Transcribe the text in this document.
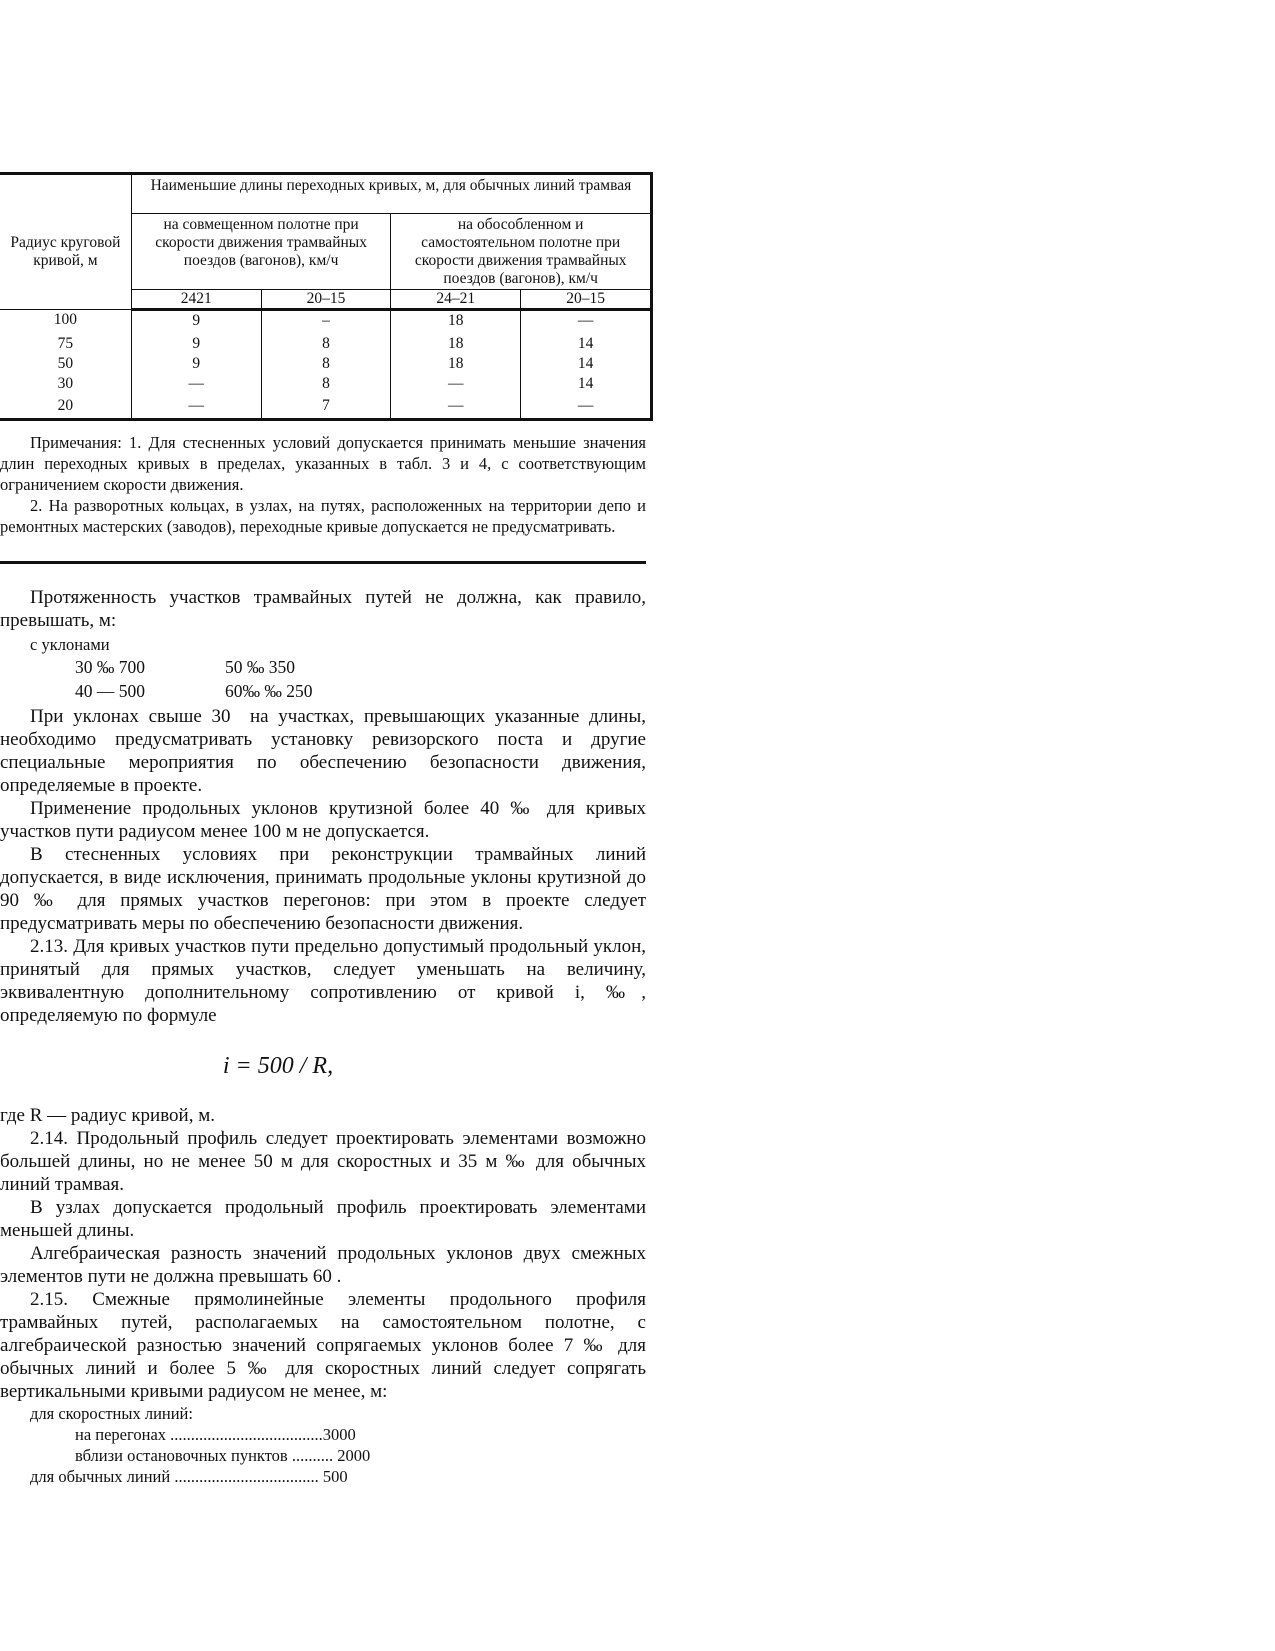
Радиус круговой кривой, м	Наименьшие длины переходных кривых, м, для обычных линий трамвая			
	на совмещенном полотне при скорости движения трамвайных поездов (вагонов), км/ч		на обособленном и самостоятельном полотне при скорости движения трамвайных поездов (вагонов), км/ч	
	24​21	20–15	24–21	20–15
100	9	–	18	—
75	9	8	18	14
50	9	8	18	14
30	—	8	—	14
20	—	7	—	—

Примечания: 1. Для стесненных условий допускается принимать меньшие значения длин переходных кривых в пределах, указанных в табл. 3 и 4, с соответствующим ограничением скорости движения.

2. На разворотных кольцах, в узлах, на путях, расположенных на территории депо и ремонтных мастерских (заводов), переходные кривые допускается не предусматривать.

Протяженность участков трамвайных путей не должна, как правило, превышать, м:

с уклонами
30​ ‰ 700	50​ ‰ 350
40​ — 500	60‰ ‰ 250

При уклонах свыше 30 ​ на участках, превышающих указанные длины, необходимо предусматривать установку ревизорского поста и другие специальные мероприятия по обеспечению безопасности движения, определяемые в проекте.

Применение продольных уклонов крутизной более 40 ‰ для кривых участков пути радиусом менее 100 м не допускается.

В стесненных условиях при реконструкции трамвайных линий допускается, в виде исключения, принимать продольные уклоны крутизной до 90 ‰ для прямых участков перегонов: при этом в проекте следует предусматривать меры по обеспечению безопасности движения.

2.13. Для кривых участков пути предельно допустимый продольный уклон, принятый для прямых участков, следует уменьшать на величину, эквивалентную дополнительному сопротивлению от кривой i, ‰, определяемую по формуле

i = 500 / R,
где R — радиус кривой, м.

2.14. Продольный профиль следует проектировать элементами возможно большей длины, но не менее 50 м для скоростных и 35 м ‰ для обычных линий трамвая.

В узлах допускается продольный профиль проектировать элементами меньшей длины.

Алгебраическая разность значений продольных уклонов двух смежных элементов пути не должна превышать 60 ​.

2.15. Смежные прямолинейные элементы продольного профиля трамвайных путей, располагаемых на самостоятельном полотне, с алгебраической разностью значений сопрягаемых уклонов более 7 ‰ для обычных линий и более 5 ‰ для скоростных линий следует сопрягать вертикальными кривыми радиусом не менее, м:

для скоростных линий:
на перегонах .....................................3000
вблизи остановочных пунктов .......... 2000
для обычных линий ................................... 500
